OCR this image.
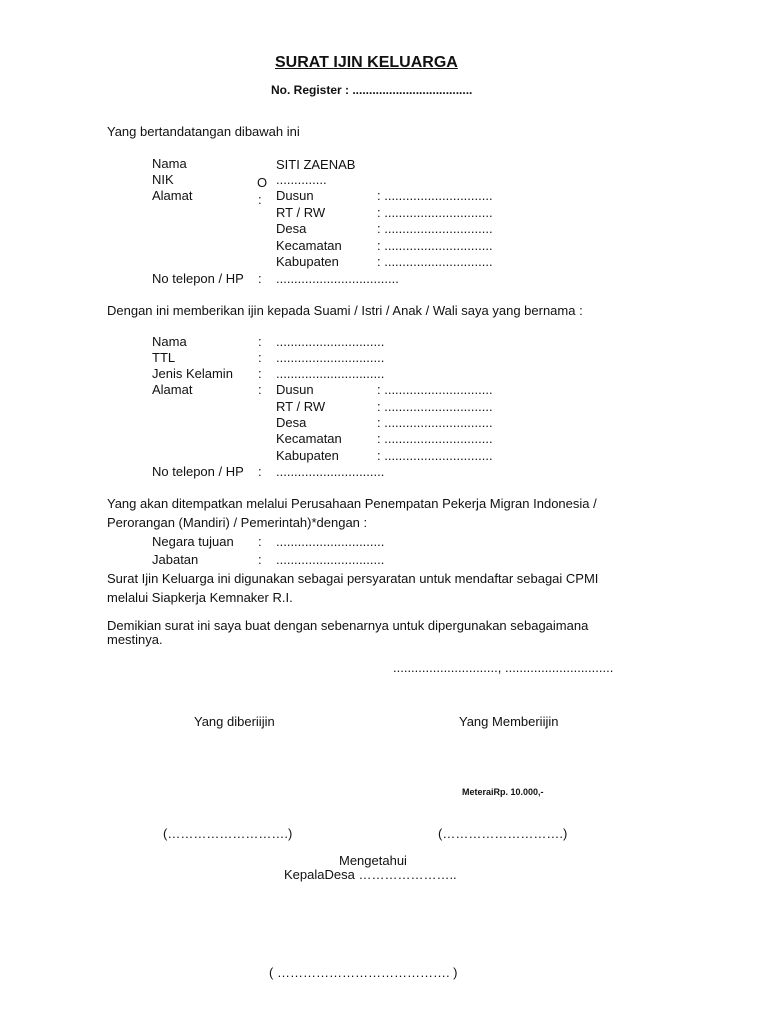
SURAT IJIN KELUARGA
No. Register : ....................................
Yang bertandatangan dibawah ini
Nama	SITI ZAENAB
NIK	O ..............
Alamat	: Dusun	: ..............................
RT / RW	: ..............................
Desa	: ..............................
Kecamatan	: ..............................
Kabupaten	: ..............................
No telepon / HP : ..................................
Dengan ini memberikan ijin kepada Suami / Istri / Anak / Wali saya yang bernama :
Nama	: ..............................
TTL	: ..............................
Jenis Kelamin : ..............................
Alamat	: Dusun	: ..............................
RT / RW	: ..............................
Desa	: ..............................
Kecamatan	: ..............................
Kabupaten	: ..............................
No telepon / HP : ..............................
Yang akan ditempatkan melalui Perusahaan Penempatan Pekerja Migran Indonesia /
Perorangan (Mandiri) / Pemerintah)*dengan :
Negara tujuan : ..............................
Jabatan	: ..............................
Surat Ijin Keluarga ini digunakan sebagai persyaratan untuk mendaftar sebagai CPMI
melalui Siapkerja Kemnaker R.I.
Demikian surat ini saya buat dengan sebenarnya untuk dipergunakan sebagaimana
mestinya.
............................., ..............................
Yang diberiijin	Yang Memberiijin
MeteraiRp. 10.000,-
(……………………….)	(……………………….)
Mengetahui
KepalaDesa …………………..
( …………………………………. )
